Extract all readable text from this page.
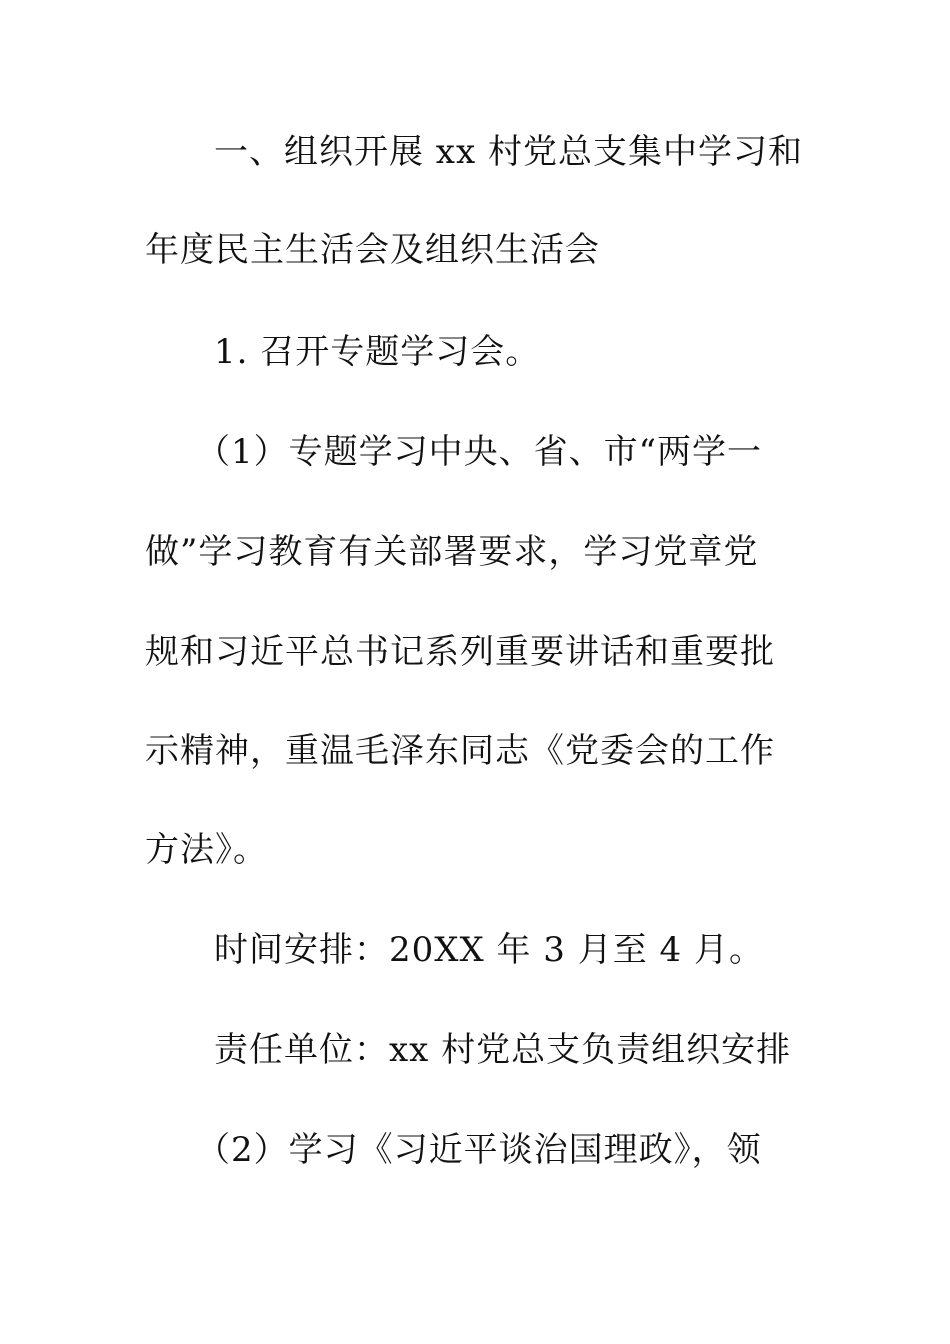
一、组织开展 xx 村党总支集中学习和
年度民主生活会及组织生活会
1. 召开专题学习会。
（1）专题学习中央、省、市“两学一
做”学习教育有关部署要求，学习党章党
规和习近平总书记系列重要讲话和重要批
示精神，重温毛泽东同志《党委会的工作
方法》。
时间安排：20XX 年 3 月至 4 月。
责任单位：xx 村党总支负责组织安排
（2）学习《习近平谈治国理政》，领
